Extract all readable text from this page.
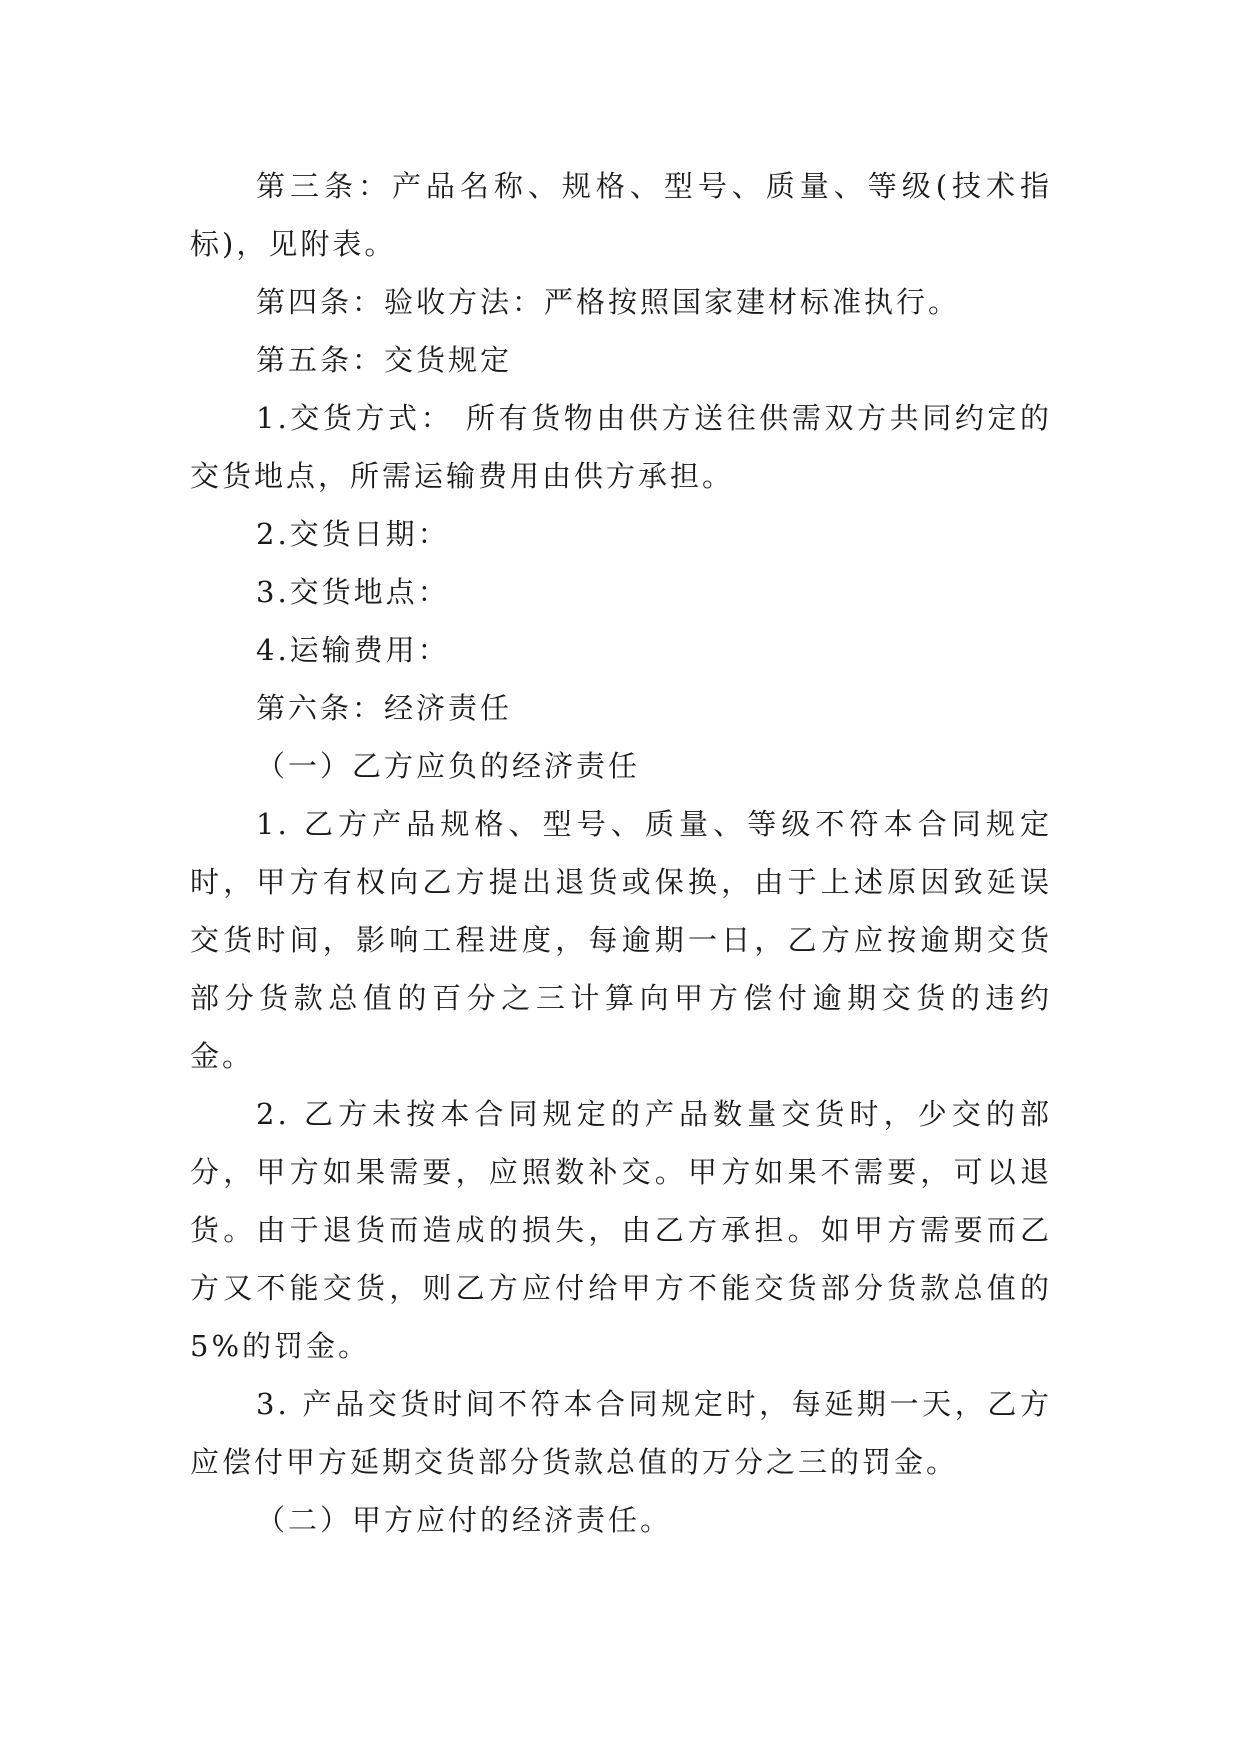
第三条：产品名称、规格、型号、质量、等级(技术指标)，见附表。

第四条：验收方法：严格按照国家建材标准执行。

第五条：交货规定

1.交货方式： 所有货物由供方送往供需双方共同约定的交货地点，所需运输费用由供方承担。

2.交货日期：

3.交货地点：

4.运输费用：

第六条：经济责任

（一）乙方应负的经济责任

1. 乙方产品规格、型号、质量、等级不符本合同规定时，甲方有权向乙方提出退货或保换，由于上述原因致延误交货时间，影响工程进度，每逾期一日，乙方应按逾期交货部分货款总值的百分之三计算向甲方偿付逾期交货的违约金。

2. 乙方未按本合同规定的产品数量交货时，少交的部分，甲方如果需要，应照数补交。甲方如果不需要，可以退货。由于退货而造成的损失，由乙方承担。如甲方需要而乙方又不能交货，则乙方应付给甲方不能交货部分货款总值的5%的罚金。

3. 产品交货时间不符本合同规定时，每延期一天，乙方应偿付甲方延期交货部分货款总值的万分之三的罚金。

（二）甲方应付的经济责任。
